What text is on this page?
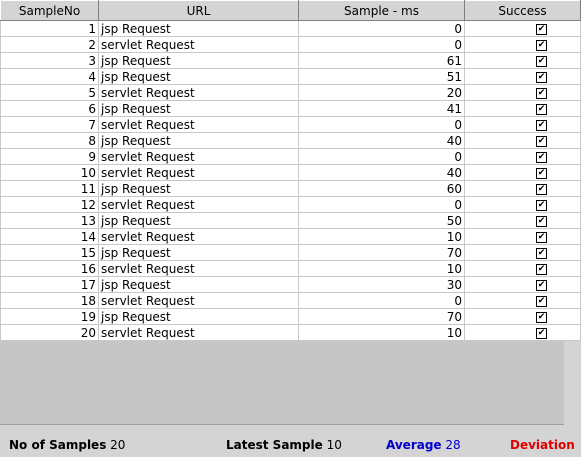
SampleNo	URL	Sample - ms	Success
1	jsp Request	0	✔
2	servlet Request	0	✔
3	jsp Request	61	✔
4	jsp Request	51	✔
5	servlet Request	20	✔
6	jsp Request	41	✔
7	servlet Request	0	✔
8	jsp Request	40	✔
9	servlet Request	0	✔
10	servlet Request	40	✔
11	jsp Request	60	✔
12	servlet Request	0	✔
13	jsp Request	50	✔
14	servlet Request	10	✔
15	jsp Request	70	✔
16	servlet Request	10	✔
17	jsp Request	30	✔
18	servlet Request	0	✔
19	jsp Request	70	✔
20	servlet Request	10	✔
No of Samples 20	Latest Sample 10	Average 28	Deviation
